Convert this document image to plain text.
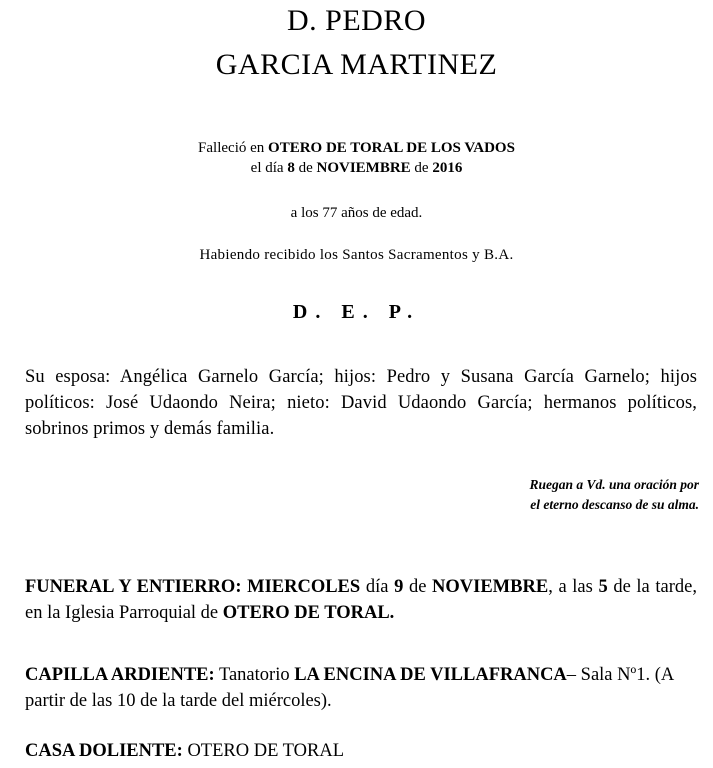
D. PEDRO
GARCIA MARTINEZ
Falleció en OTERO DE TORAL DE LOS VADOS
el día 8 de NOVIEMBRE de 2016
a los 77 años de edad.
Habiendo recibido los Santos Sacramentos y B.A.
D. E. P.
Su esposa: Angélica Garnelo García; hijos: Pedro y Susana García Garnelo; hijos políticos: José Udaondo Neira; nieto: David Udaondo García; hermanos políticos, sobrinos primos y demás familia.
Ruegan a Vd. una oración por
el eterno descanso de su alma.
FUNERAL Y ENTIERRO: MIERCOLES día 9 de NOVIEMBRE, a las 5 de la tarde, en la Iglesia Parroquial de OTERO DE TORAL.
CAPILLA ARDIENTE: Tanatorio LA ENCINA DE VILLAFRANCA– Sala Nº1. (A partir de las 10 de la tarde del miércoles).
CASA DOLIENTE: OTERO DE TORAL
